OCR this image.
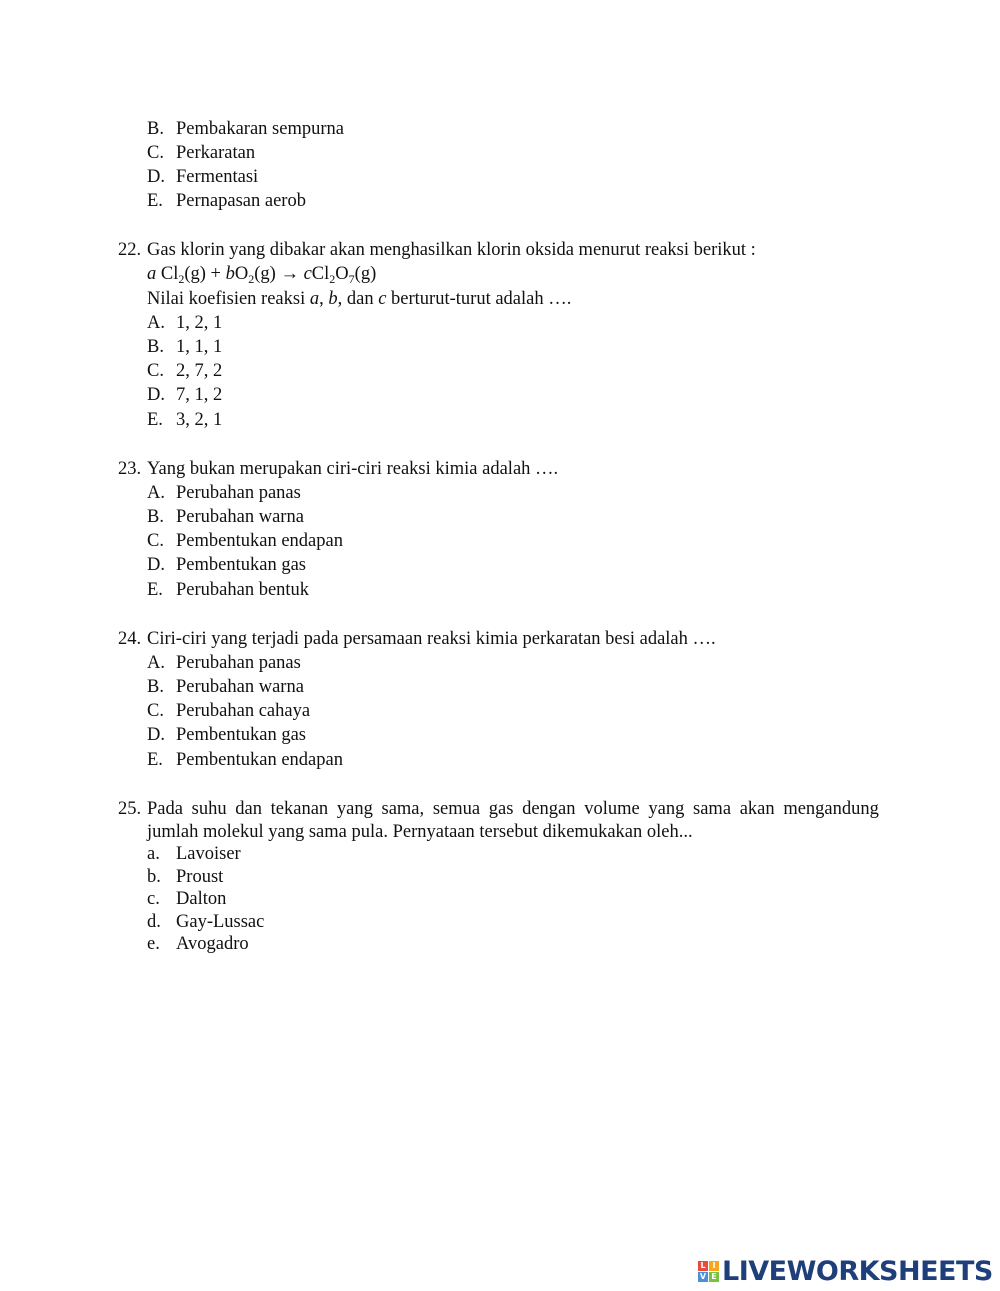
B. Pembakaran sempurna
C. Perkaratan
D. Fermentasi
E. Pernapasan aerob
22. Gas klorin yang dibakar akan menghasilkan klorin oksida menurut reaksi berikut :
a $Cl_2(g) + bO_2(g) \to cCl_2O_7(g)$
Nilai koefisien reaksi a, b, dan c berturut-turut adalah ….
A. 1, 2, 1
B. 1, 1, 1
C. 2, 7, 2
D. 7, 1, 2
E. 3, 2, 1
23. Yang bukan merupakan ciri-ciri reaksi kimia adalah ….
A. Perubahan panas
B. Perubahan warna
C. Pembentukan endapan
D. Pembentukan gas
E. Perubahan bentuk
24. Ciri-ciri yang terjadi pada persamaan reaksi kimia perkaratan besi adalah ….
A. Perubahan panas
B. Perubahan warna
C. Perubahan cahaya
D. Pembentukan gas
E. Pembentukan endapan
25. Pada suhu dan tekanan yang sama, semua gas dengan volume yang sama akan mengandung
jumlah molekul yang sama pula. Pernyataan tersebut dikemukakan oleh...
a. Lavoiser
b. Proust
c. Dalton
d. Gay-Lussac
e. Avogadro
L I
V E LIVEWORKSHEETS
